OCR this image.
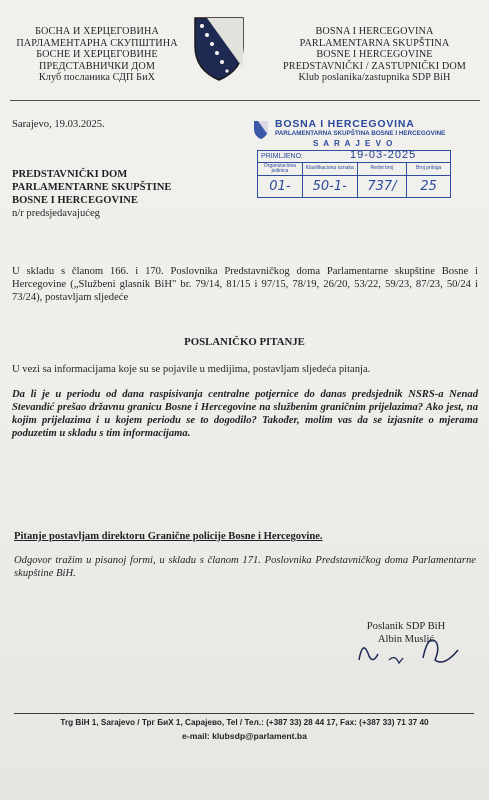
БОСНА И ХЕРЦЕГОВИНА
ПАРЛАМЕНТАРНА СКУПШТИНА
БОСНЕ И ХЕРЦЕГОВИНЕ
ПРЕДСТАВНИЧКИ ДОМ
Клуб посланика СДП БиХ
BOSNA I HERCEGOVINA
PARLAMENTARNA SKUPŠTINA
BOSNE I HERCEGOVINE
PREDSTAVNIČKI / ZASTUPNIČKI DOM
Klub poslanika/zastupnika SDP BiH
Sarajevo, 19.03.2025.
PREDSTAVNIČKI DOM
PARLAMENTARNE SKUPŠTINE
BOSNE I HERCEGOVINE
n/r predsjedavajućeg
BOSNA I HERCEGOVINA
PARLAMENTARNA SKUPŠTINA BOSNE I HERCEGOVINE
S A R A J E V O
PRIMLJENO: 19-03-2025			

Organizaciona jedinica	Klasifikaciona oznaka	Redni broj	Broj priloga
01-	50-1-	737/	25
U skladu s članom 166. i 170. Poslovnika Predstavničkog doma Parlamentarne skupštine Bosne i Hercegovine („Službeni glasnik BiH" br. 79/14, 81/15 i 97/15, 78/19, 26/20, 53/22, 59/23, 87/23, 50/24 i 73/24), postavljam sljedeće
POSLANIČKO PITANJE
U vezi sa informacijama koje su se pojavile u medijima, postavljam sljedeća pitanja.
Da li je u periodu od dana raspisivanja centralne potjernice do danas predsjednik NSRS-a Nenad Stevandić prešao državnu granicu Bosne i Hercegovine na službenim graničnim prijelazima? Ako jest, na kojim prijelazima i u kojem periodu se to dogodilo? Također, molim vas da se izjasnite o mjerama poduzetim u skladu s tim informacijama.
Pitanje postavljam direktoru Granične policije Bosne i Hercegovine.
Odgovor tražim u pisanoj formi, u skladu s članom 171. Poslovnika Predstavničkog doma Parlamentarne skupštine BiH.
Poslanik SDP BiH
Albin Muslić
Trg BiH 1, Sarajevo / Трг БиХ 1, Сарајево, Tel / Тел.: (+387 33) 28 44 17, Fax: (+387 33) 71 37 40
e-mail: klubsdp@parlament.ba
